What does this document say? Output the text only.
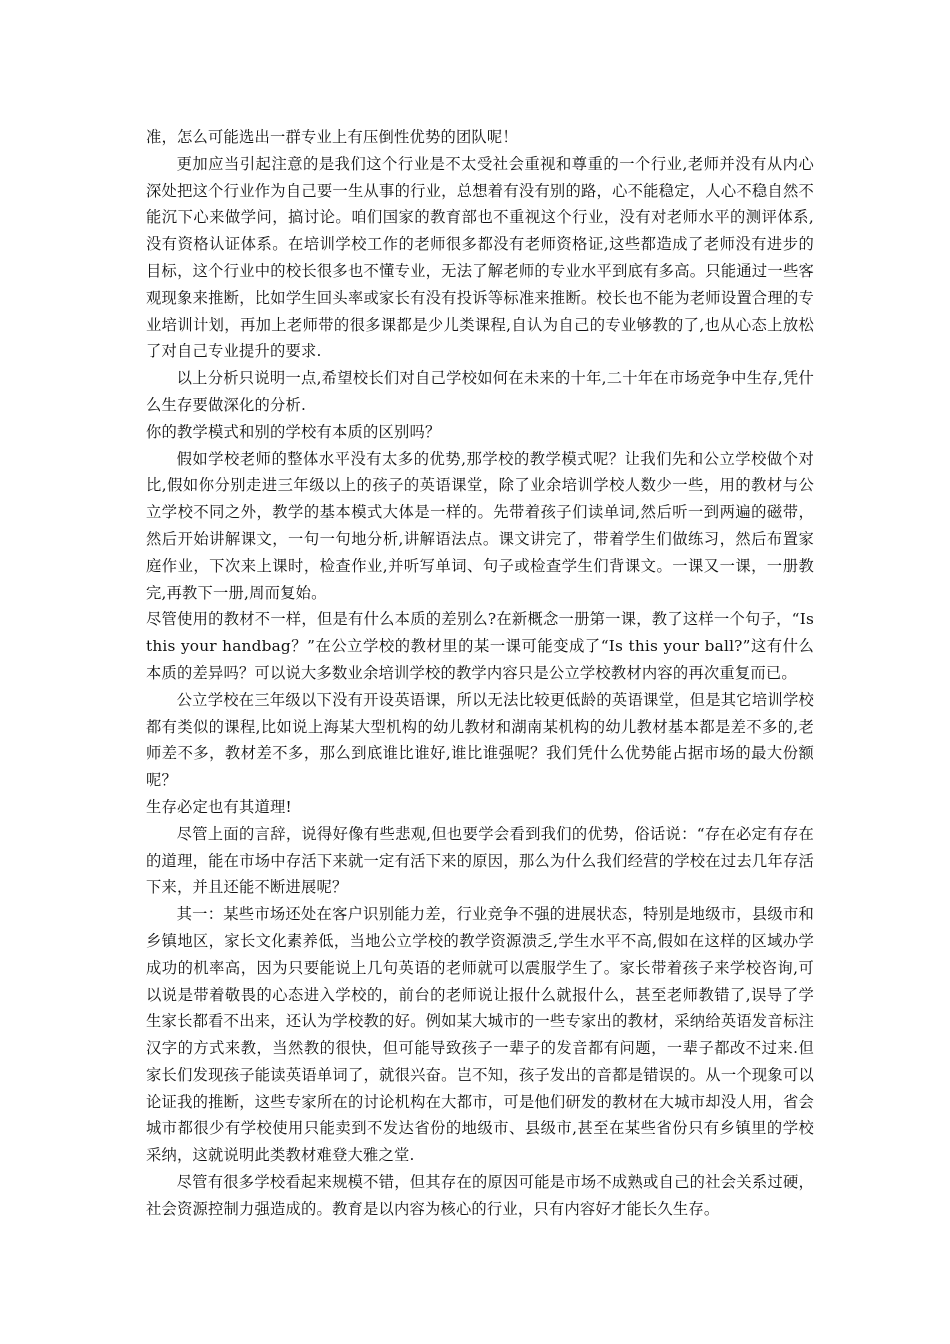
准，怎么可能选出一群专业上有压倒性优势的团队呢！

更加应当引起注意的是我们这个行业是不太受社会重视和尊重的一个行业,老师并没有从内心深处把这个行业作为自己要一生从事的行业，总想着有没有别的路，心不能稳定，人心不稳自然不能沉下心来做学问，搞讨论。咱们国家的教育部也不重视这个行业，没有对老师水平的测评体系,没有资格认证体系。在培训学校工作的老师很多都没有老师资格证,这些都造成了老师没有进步的目标，这个行业中的校长很多也不懂专业，无法了解老师的专业水平到底有多高。只能通过一些客观现象来推断，比如学生回头率或家长有没有投诉等标准来推断。校长也不能为老师设置合理的专业培训计划，再加上老师带的很多课都是少儿类课程,自认为自己的专业够教的了,也从心态上放松了对自己专业提升的要求.

以上分析只说明一点,希望校长们对自己学校如何在未来的十年,二十年在市场竞争中生存,凭什么生存要做深化的分析.

你的教学模式和别的学校有本质的区别吗？

假如学校老师的整体水平没有太多的优势,那学校的教学模式呢？让我们先和公立学校做个对比,假如你分别走进三年级以上的孩子的英语课堂，除了业余培训学校人数少一些，用的教材与公立学校不同之外，教学的基本模式大体是一样的。先带着孩子们读单词,然后听一到两遍的磁带，然后开始讲解课文，一句一句地分析,讲解语法点。课文讲完了，带着学生们做练习，然后布置家庭作业，下次来上课时，检查作业,并听写单词、句子或检查学生们背课文。一课又一课，一册教完,再教下一册,周而复始。

尽管使用的教材不一样，但是有什么本质的差别么?在新概念一册第一课，教了这样一个句子，“Is this your handbag？”在公立学校的教材里的某一课可能变成了“Is this your ball?”这有什么本质的差异吗？可以说大多数业余培训学校的教学内容只是公立学校教材内容的再次重复而已。

公立学校在三年级以下没有开设英语课，所以无法比较更低龄的英语课堂，但是其它培训学校都有类似的课程,比如说上海某大型机构的幼儿教材和湖南某机构的幼儿教材基本都是差不多的,老师差不多，教材差不多，那么到底谁比谁好,谁比谁强呢？我们凭什么优势能占据市场的最大份额呢？

生存必定也有其道理!

尽管上面的言辞，说得好像有些悲观,但也要学会看到我们的优势，俗话说：“存在必定有存在的道理，能在市场中存活下来就一定有活下来的原因，那么为什么我们经营的学校在过去几年存活下来，并且还能不断进展呢？

其一：某些市场还处在客户识别能力差，行业竞争不强的进展状态，特别是地级市，县级市和乡镇地区，家长文化素养低，当地公立学校的教学资源溃乏,学生水平不高,假如在这样的区域办学成功的机率高，因为只要能说上几句英语的老师就可以震服学生了。家长带着孩子来学校咨询,可以说是带着敬畏的心态进入学校的，前台的老师说让报什么就报什么，甚至老师教错了,误导了学生家长都看不出来，还认为学校教的好。例如某大城市的一些专家出的教材，采纳给英语发音标注汉字的方式来教，当然教的很快，但可能导致孩子一辈子的发音都有问题，一辈子都改不过来.但家长们发现孩子能读英语单词了，就很兴奋。岂不知，孩子发出的音都是错误的。从一个现象可以论证我的推断，这些专家所在的讨论机构在大都市，可是他们研发的教材在大城市却没人用，省会城市都很少有学校使用只能卖到不发达省份的地级市、县级市,甚至在某些省份只有乡镇里的学校采纳，这就说明此类教材难登大雅之堂.

尽管有很多学校看起来规模不错，但其存在的原因可能是市场不成熟或自己的社会关系过硬，社会资源控制力强造成的。教育是以内容为核心的行业，只有内容好才能长久生存。
